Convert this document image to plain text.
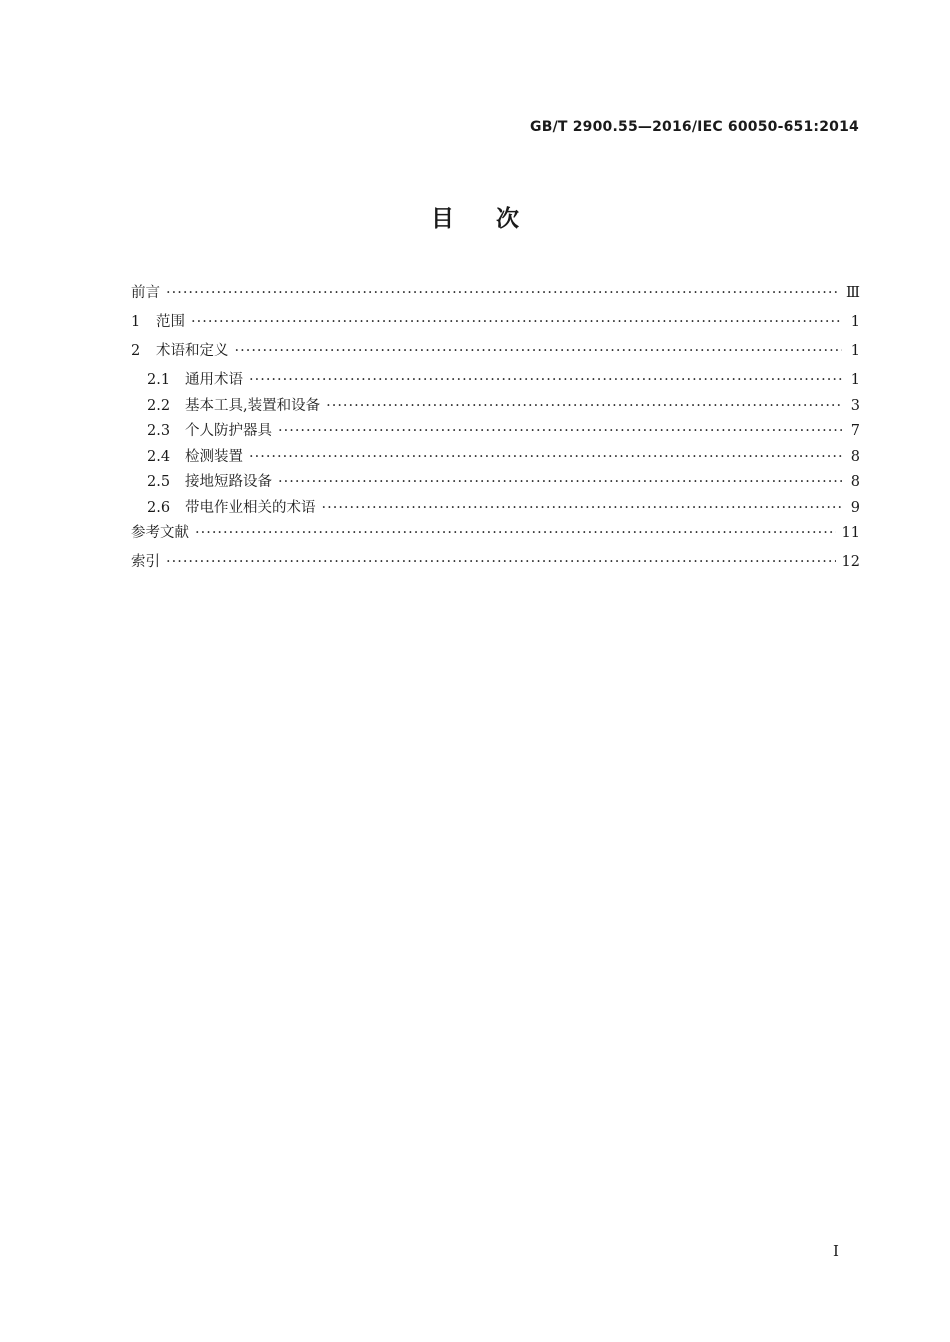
GB/T 2900.55—2016/IEC 60050-651:2014
目 次
前言 ·····	Ⅲ
1	范围 ·····	1
2	术语和定义 ·····	1
2.1	通用术语 ·····	1
2.2	基本工具,装置和设备 ·····	3
2.3	个人防护器具 ·····	7
2.4	检测装置 ·····	8
2.5	接地短路设备 ·····	8
2.6	带电作业相关的术语 ·····	9
参考文献 ·····	11
索引 ·····	12
I
